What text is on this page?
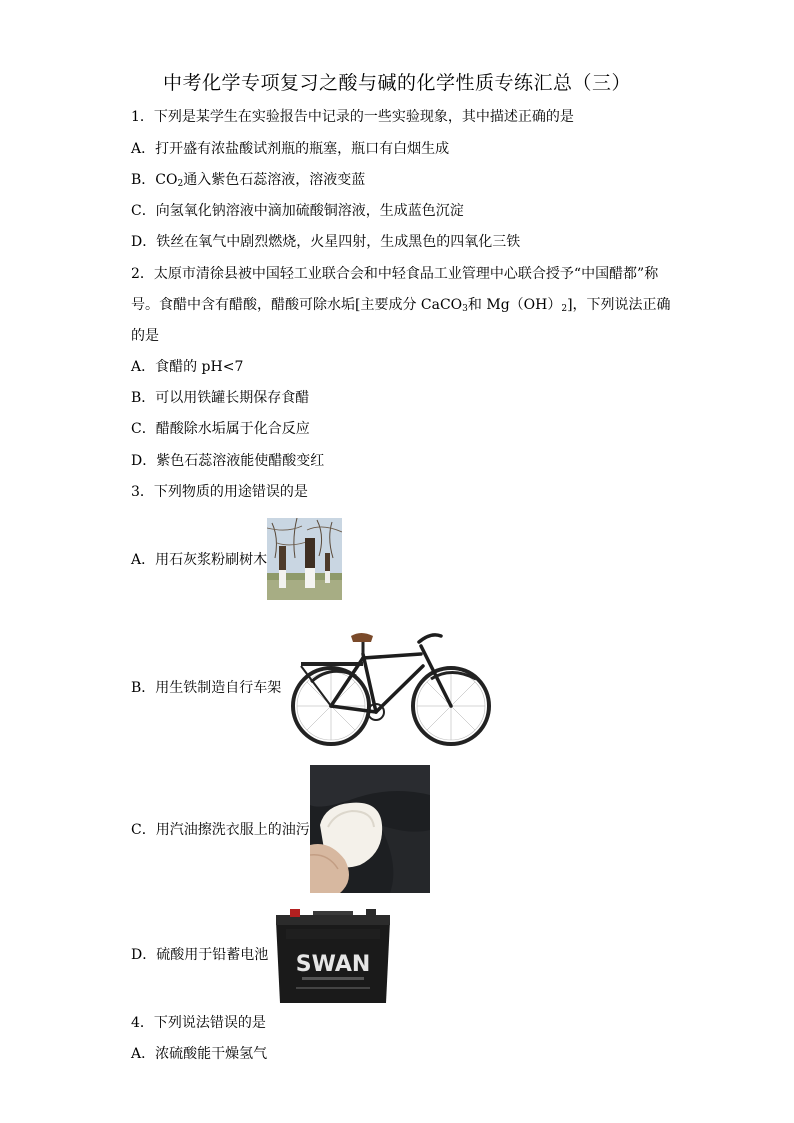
中考化学专项复习之酸与碱的化学性质专练汇总（三）
1．下列是某学生在实验报告中记录的一些实验现象，其中描述正确的是
A．打开盛有浓盐酸试剂瓶的瓶塞，瓶口有白烟生成
B．$CO_2$通入紫色石蕊溶液，溶液变蓝
C．向氢氧化钠溶液中滴加硫酸铜溶液，生成蓝色沉淀
D．铁丝在氧气中剧烈燃烧，火星四射，生成黑色的四氧化三铁
2．太原市清徐县被中国轻工业联合会和中轻食品工业管理中心联合授予“中国醋都”称
号。食醋中含有醋酸，醋酸可除水垢[主要成分 CaCO$_3$和 $Mg(OH)_2$]，下列说法正确
的是
A．食醋的 pH<7
B．可以用铁罐长期保存食醋
C．醋酸除水垢属于化合反应
D．紫色石蕊溶液能使醋酸变红
3．下列物质的用途错误的是
A．用石灰浆粉刷树木
B．用生铁制造自行车架
C．用汽油擦洗衣服上的油污
D．硫酸用于铅蓄电池 SWAN
4．下列说法错误的是
A．浓硫酸能干燥氢气
